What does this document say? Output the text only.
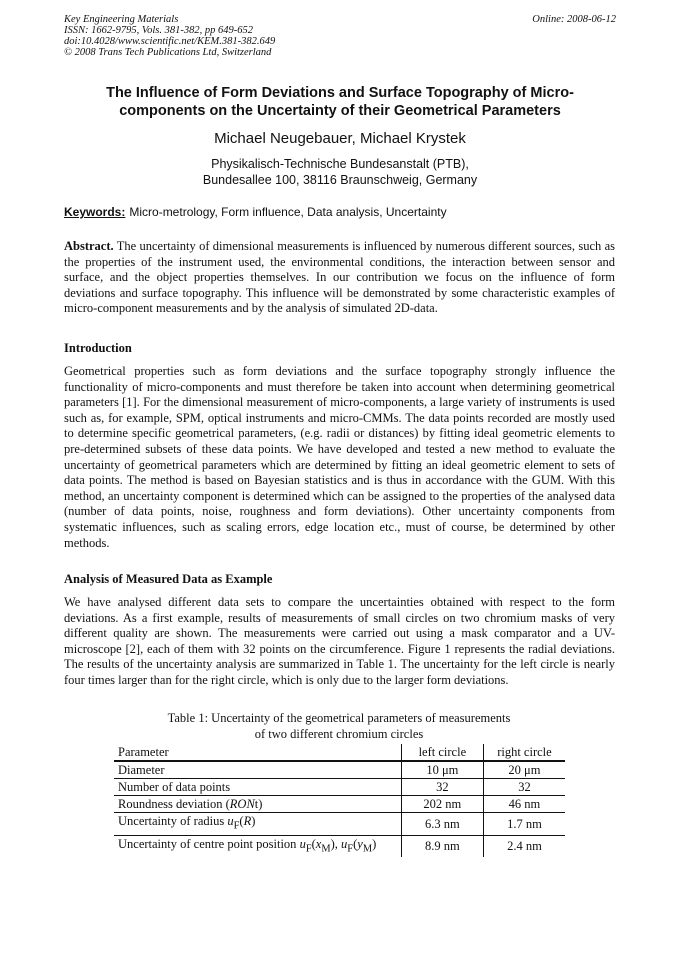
Key Engineering Materials
ISSN: 1662-9795, Vols. 381-382, pp 649-652
doi:10.4028/www.scientific.net/KEM.381-382.649
© 2008 Trans Tech Publications Ltd, Switzerland
Online: 2008-06-12
The Influence of Form Deviations and Surface Topography of Micro-
components on the Uncertainty of their Geometrical Parameters
Michael Neugebauer, Michael Krystek
Physikalisch-Technische Bundesanstalt (PTB),
Bundesallee 100, 38116 Braunschweig, Germany
Keywords: Micro-metrology, Form influence, Data analysis, Uncertainty

Abstract. The uncertainty of dimensional measurements is influenced by numerous different sources, such as the properties of the instrument used, the environmental conditions, the interaction between sensor and surface, and the object properties themselves. In our contribution we focus on the influence of form deviations and surface topography. This influence will be demonstrated by some characteristic examples of micro-component measurements and by the analysis of simulated 2D-data.

Introduction

Geometrical properties such as form deviations and the surface topography strongly influence the functionality of micro-components and must therefore be taken into account when determining geometrical parameters [1]. For the dimensional measurement of micro-components, a large variety of instruments is used such as, for example, SPM, optical instruments and micro-CMMs. The data points recorded are mostly used to determine specific geometrical parameters, (e.g. radii or distances) by fitting ideal geometric elements to pre-determined subsets of these data points. We have developed and tested a new method to evaluate the uncertainty of geometrical parameters which are determined by fitting an ideal geometric element to sets of data points. The method is based on Bayesian statistics and is thus in accordance with the GUM. With this method, an uncertainty component is determined which can be assigned to the properties of the analysed data (number of data points, noise, roughness and form deviations). Other uncertainty components from systematic influences, such as scaling errors, edge location etc., must of course, be determined by other methods.

Analysis of Measured Data as Example

We have analysed different data sets to compare the uncertainties obtained with respect to the form deviations. As a first example, results of measurements of small circles on two chromium masks of very different quality are shown. The measurements were carried out using a mask comparator and a UV-microscope [2], each of them with 32 points on the circumference. Figure 1 represents the radial deviations. The results of the uncertainty analysis are summarized in Table 1. The uncertainty for the left circle is nearly four times larger than for the right circle, which is only due to the larger form deviations.

Table 1: Uncertainty of the geometrical parameters of measurements
of two different chromium circles
Parameter	left circle	right circle
Diameter	10 μm	20 μm
Number of data points	32	32
Roundness deviation (RONt)	202 nm	46 nm
Uncertainty of radius $u_F(R)$	6.3 nm	1.7 nm
Uncertainty of centre point position $u_F(x_M)$, $u_F(y_M)$	8.9 nm	2.4 nm
